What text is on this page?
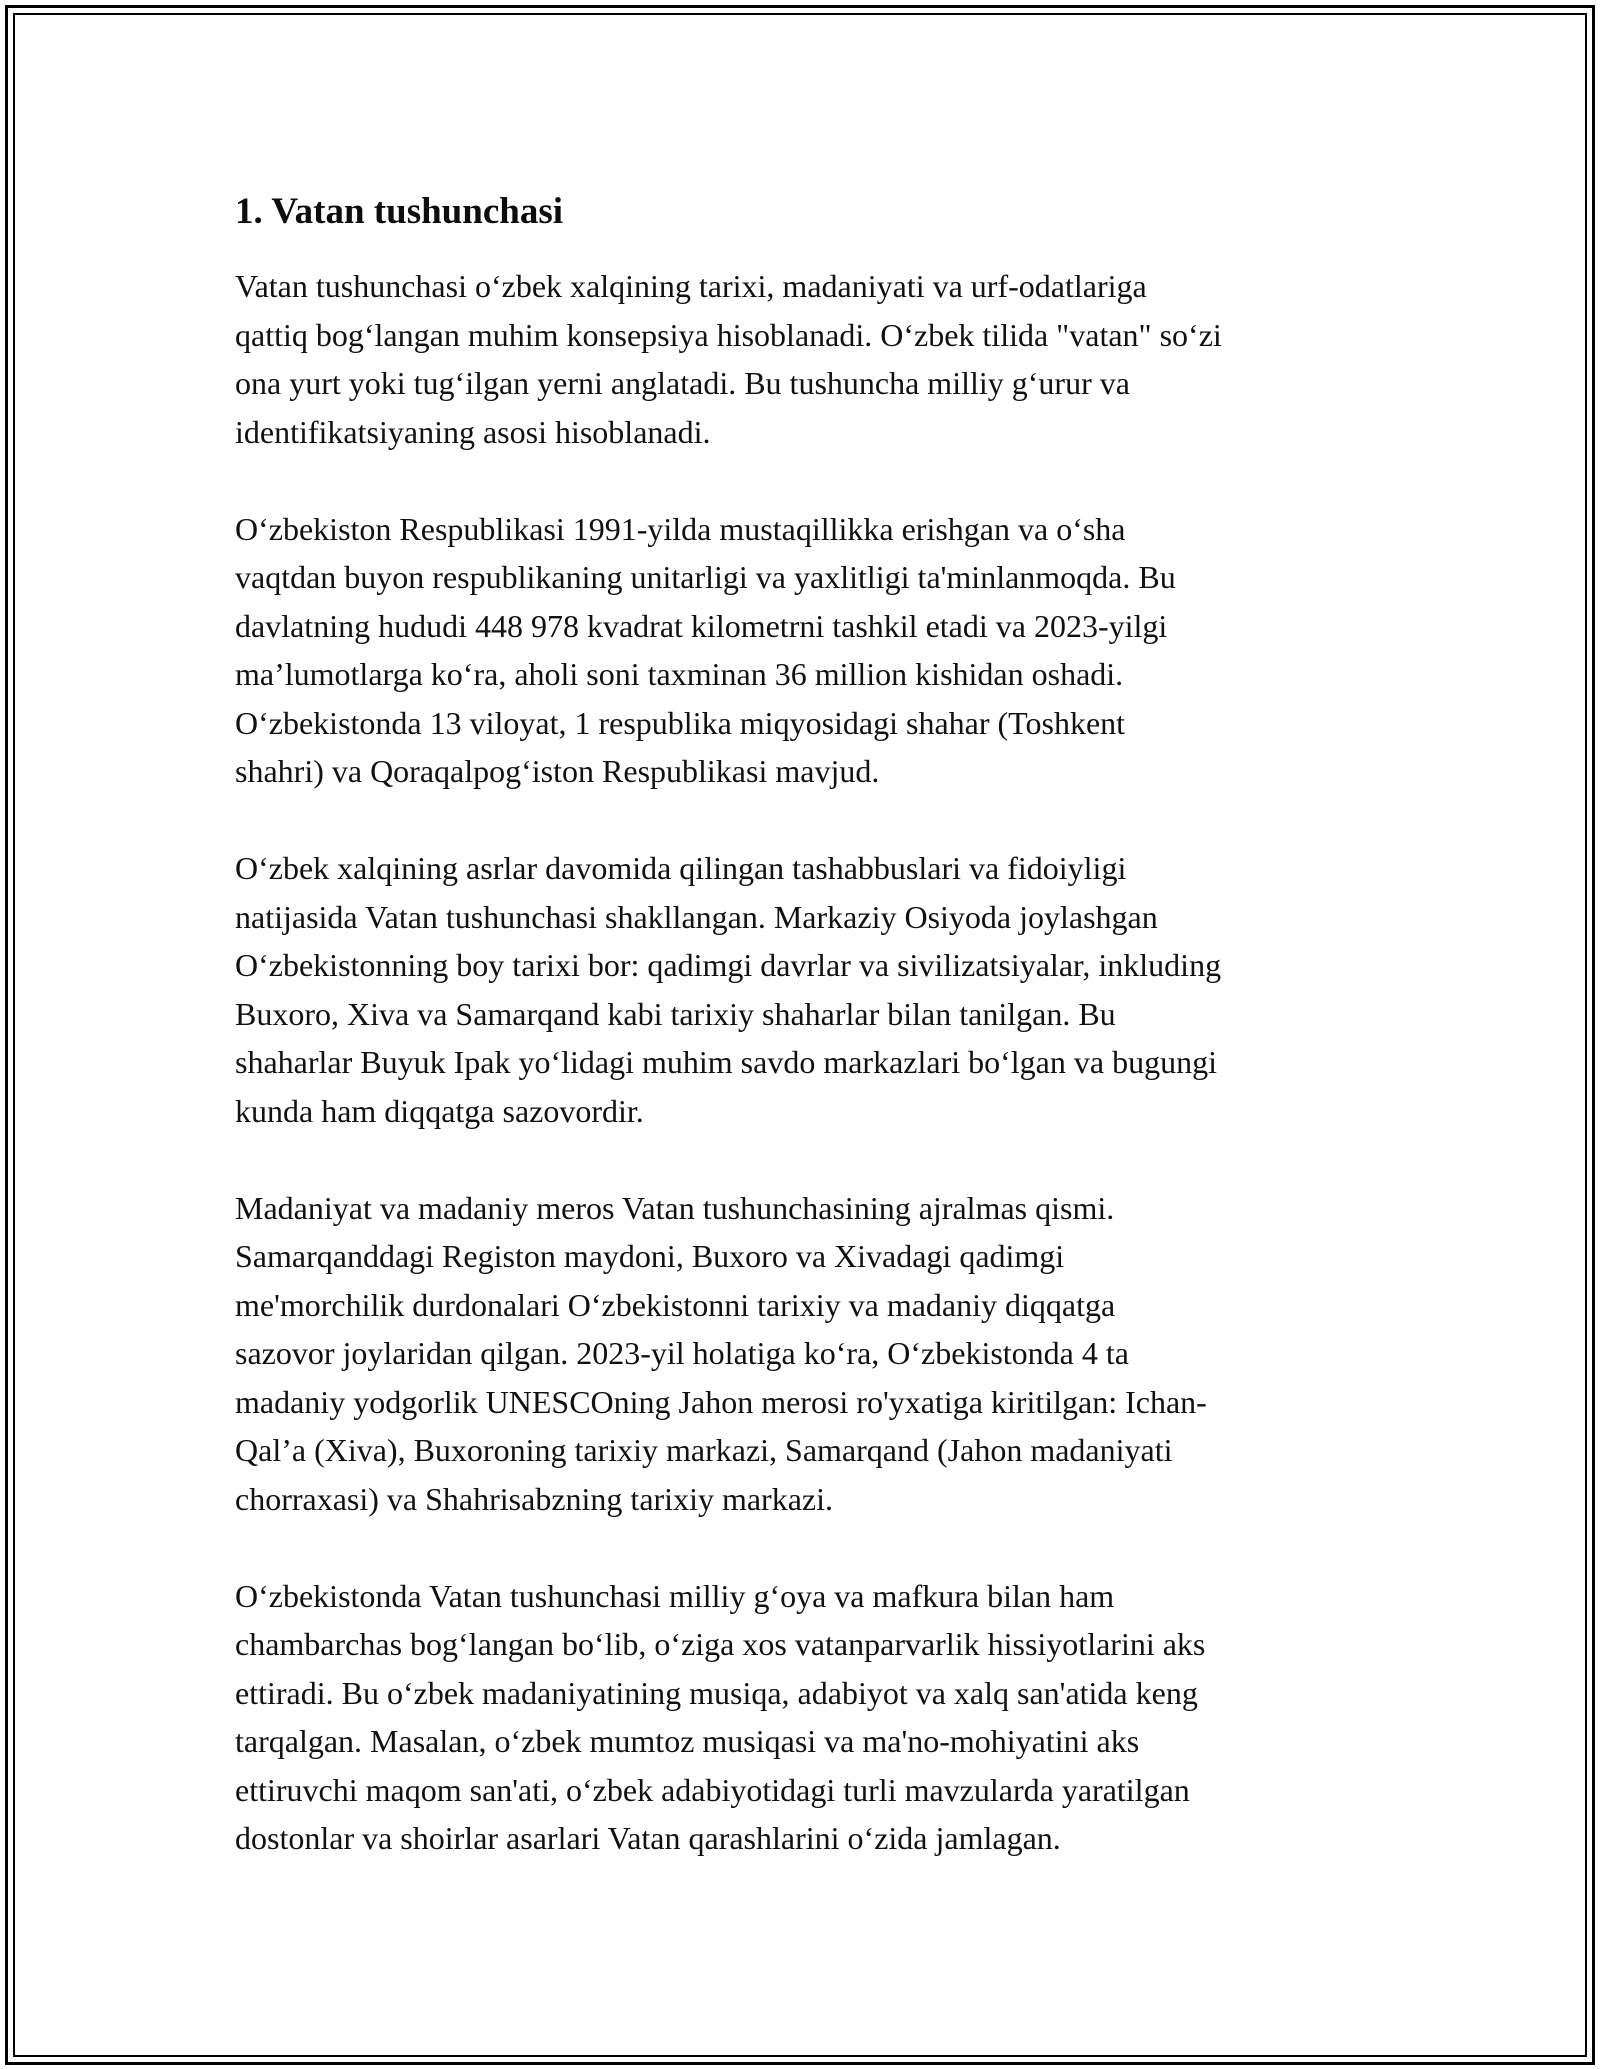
1. Vatan tushunchasi
Vatan tushunchasi oʻzbek xalqining tarixi, madaniyati va urf-odatlariga
qattiq bogʻlangan muhim konsepsiya hisoblanadi. Oʻzbek tilida "vatan" soʻzi
ona yurt yoki tugʻilgan yerni anglatadi. Bu tushuncha milliy gʻurur va
identifikatsiyaning asosi hisoblanadi.
Oʻzbekiston Respublikasi 1991-yilda mustaqillikka erishgan va oʻsha
vaqtdan buyon respublikaning unitarligi va yaxlitligi ta'minlanmoqda. Bu
davlatning hududi 448 978 kvadrat kilometrni tashkil etadi va 2023-yilgi
ma’lumotlarga koʻra, aholi soni taxminan 36 million kishidan oshadi.
Oʻzbekistonda 13 viloyat, 1 respublika miqyosidagi shahar (Toshkent
shahri) va Qoraqalpogʻiston Respublikasi mavjud.
Oʻzbek xalqining asrlar davomida qilingan tashabbuslari va fidoiyligi
natijasida Vatan tushunchasi shakllangan. Markaziy Osiyoda joylashgan
Oʻzbekistonning boy tarixi bor: qadimgi davrlar va sivilizatsiyalar, inkluding
Buxoro, Xiva va Samarqand kabi tarixiy shaharlar bilan tanilgan. Bu
shaharlar Buyuk Ipak yoʻlidagi muhim savdo markazlari boʻlgan va bugungi
kunda ham diqqatga sazovordir.
Madaniyat va madaniy meros Vatan tushunchasining ajralmas qismi.
Samarqanddagi Registon maydoni, Buxoro va Xivadagi qadimgi
me'morchilik durdonalari Oʻzbekistonni tarixiy va madaniy diqqatga
sazovor joylaridan qilgan. 2023-yil holatiga koʻra, Oʻzbekistonda 4 ta
madaniy yodgorlik UNESCOning Jahon merosi ro'yxatiga kiritilgan: Ichan-
Qal’a (Xiva), Buxoroning tarixiy markazi, Samarqand (Jahon madaniyati
chorraxasi) va Shahrisabzning tarixiy markazi.
Oʻzbekistonda Vatan tushunchasi milliy gʻoya va mafkura bilan ham
chambarchas bogʻlangan boʻlib, oʻziga xos vatanparvarlik hissiyotlarini aks
ettiradi. Bu oʻzbek madaniyatining musiqa, adabiyot va xalq san'atida keng
tarqalgan. Masalan, oʻzbek mumtoz musiqasi va ma'no-mohiyatini aks
ettiruvchi maqom san'ati, oʻzbek adabiyotidagi turli mavzularda yaratilgan
dostonlar va shoirlar asarlari Vatan qarashlarini oʻzida jamlagan.
